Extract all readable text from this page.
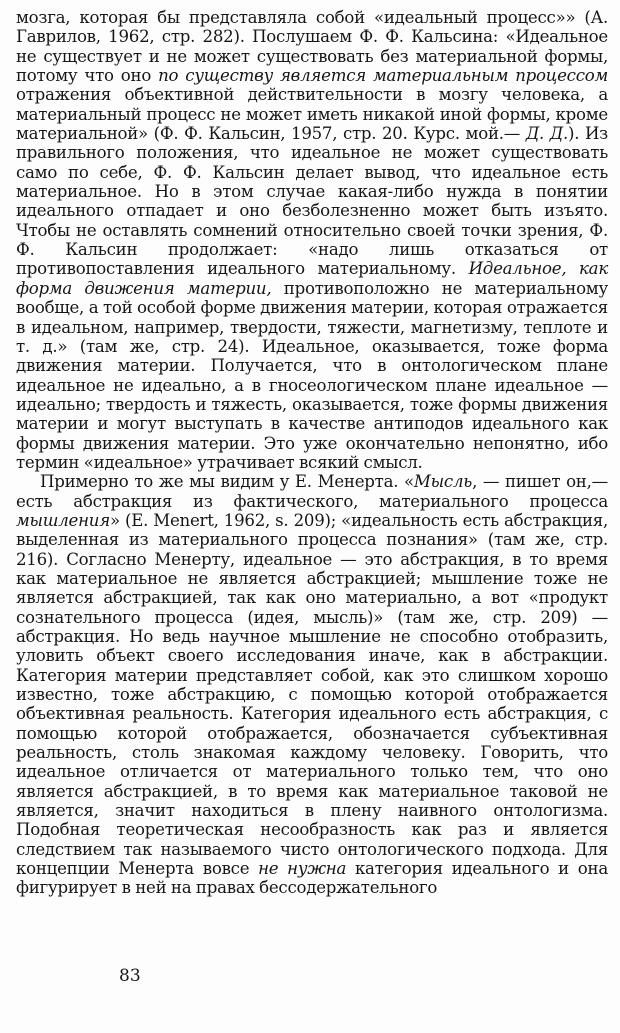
мозга, которая бы представляла собой «идеальный процесс»» (А. Гаврилов, 1962, стр. 282). Послушаем Ф. Ф. Кальсина: «Идеальное не существует и не может существовать без материальной формы, потому что оно по существу является материальным процессом отражения объективной действительности в мозгу человека, а материальный процесс не может иметь никакой иной формы, кроме материальной» (Ф. Ф. Кальсин, 1957, стр. 20. Курс. мой.— Д. Д.). Из правильного положения, что идеальное не может существовать само по себе, Ф. Ф. Кальсин делает вывод, что идеальное есть материальное. Но в этом случае какая-либо нужда в понятии идеального отпадает и оно безболезненно может быть изъято. Чтобы не оставлять сомнений относительно своей точки зрения, Ф. Ф. Кальсин продолжает: «надо лишь отказаться от противопоставления идеального материальному. Идеальное, как форма движения материи, противоположно не материальному вообще, а той особой форме движения материи, которая отражается в идеальном, например, твердости, тяжести, магнетизму, теплоте и т. д.» (там же, стр. 24). Идеальное, оказывается, тоже форма движения материи. Получается, что в онтологическом плане идеальное не идеально, а в гносеологическом плане идеальное — идеально; твердость и тяжесть, оказывается, тоже формы движения материи и могут выступать в качестве антиподов идеального как формы движения материи. Это уже окончательно непонятно, ибо термин «идеальное» утрачивает всякий смысл.

Примерно то же мы видим у Е. Менерта. «Мысль, — пишет он,— есть абстракция из фактического, материального процесса мышления» (E. Menert, 1962, s. 209); «идеальность есть абстракция, выделенная из материального процесса познания» (там же, стр. 216). Согласно Менерту, идеальное — это абстракция, в то время как материальное не является абстракцией; мышление тоже не является абстракцией, так как оно материально, а вот «продукт сознательного процесса (идея, мысль)» (там же, стр. 209) — абстракция. Но ведь научное мышление не способно отобразить, уловить объект своего исследования иначе, как в абстракции. Категория материи представляет собой, как это слишком хорошо известно, тоже абстракцию, с помощью которой отображается объективная реальность. Категория идеального есть абстракция, с помощью которой отображается, обозначается субъективная реальность, столь знакомая каждому человеку. Говорить, что идеальное отличается от материального только тем, что оно является абстракцией, в то время как материальное таковой не является, значит находиться в плену наивного онтологизма. Подобная теоретическая несообразность как раз и является следствием так называемого чисто онтологического подхода. Для концепции Менерта вовсе не нужна категория идеального и она фигурирует в ней на правах бессодержательного

83
